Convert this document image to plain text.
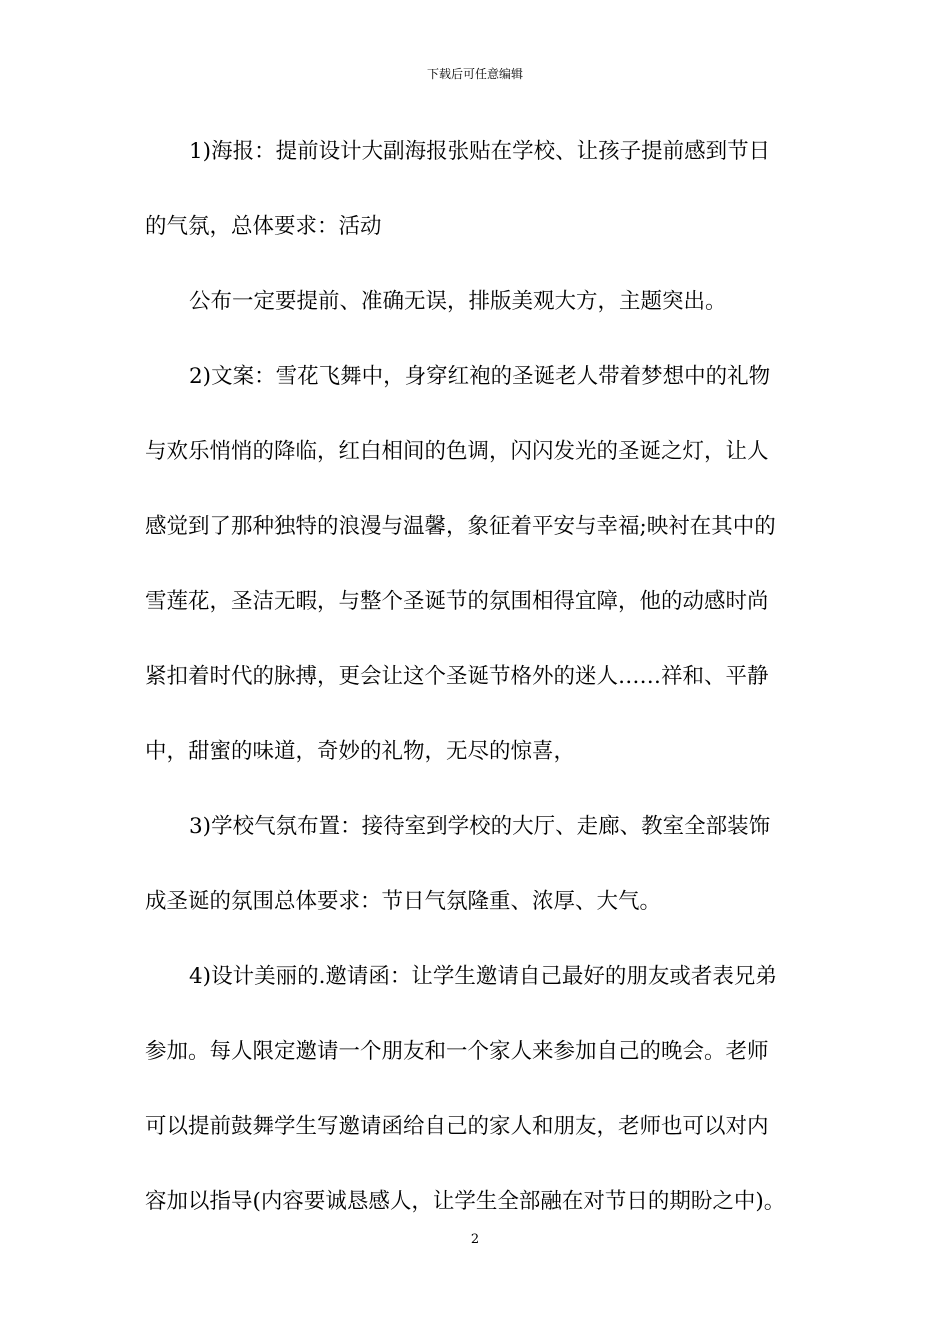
下载后可任意编辑
1)海报：提前设计大副海报张贴在学校、让孩子提前感到节日
的气氛，总体要求：活动
公布一定要提前、准确无误，排版美观大方，主题突出。
2)文案：雪花飞舞中，身穿红袍的圣诞老人带着梦想中的礼物
与欢乐悄悄的降临，红白相间的色调，闪闪发光的圣诞之灯，让人
感觉到了那种独特的浪漫与温馨，象征着平安与幸福;映衬在其中的
雪莲花，圣洁无暇，与整个圣诞节的氛围相得宜障，他的动感时尚
紧扣着时代的脉搏，更会让这个圣诞节格外的迷人……祥和、平静
中，甜蜜的味道，奇妙的礼物，无尽的惊喜，
3)学校气氛布置：接待室到学校的大厅、走廊、教室全部装饰
成圣诞的氛围总体要求：节日气氛隆重、浓厚、大气。
4)设计美丽的.邀请函：让学生邀请自己最好的朋友或者表兄弟
参加。每人限定邀请一个朋友和一个家人来参加自己的晚会。老师
可以提前鼓舞学生写邀请函给自己的家人和朋友，老师也可以对内
容加以指导(内容要诚恳感人，让学生全部融在对节日的期盼之中)。
2
